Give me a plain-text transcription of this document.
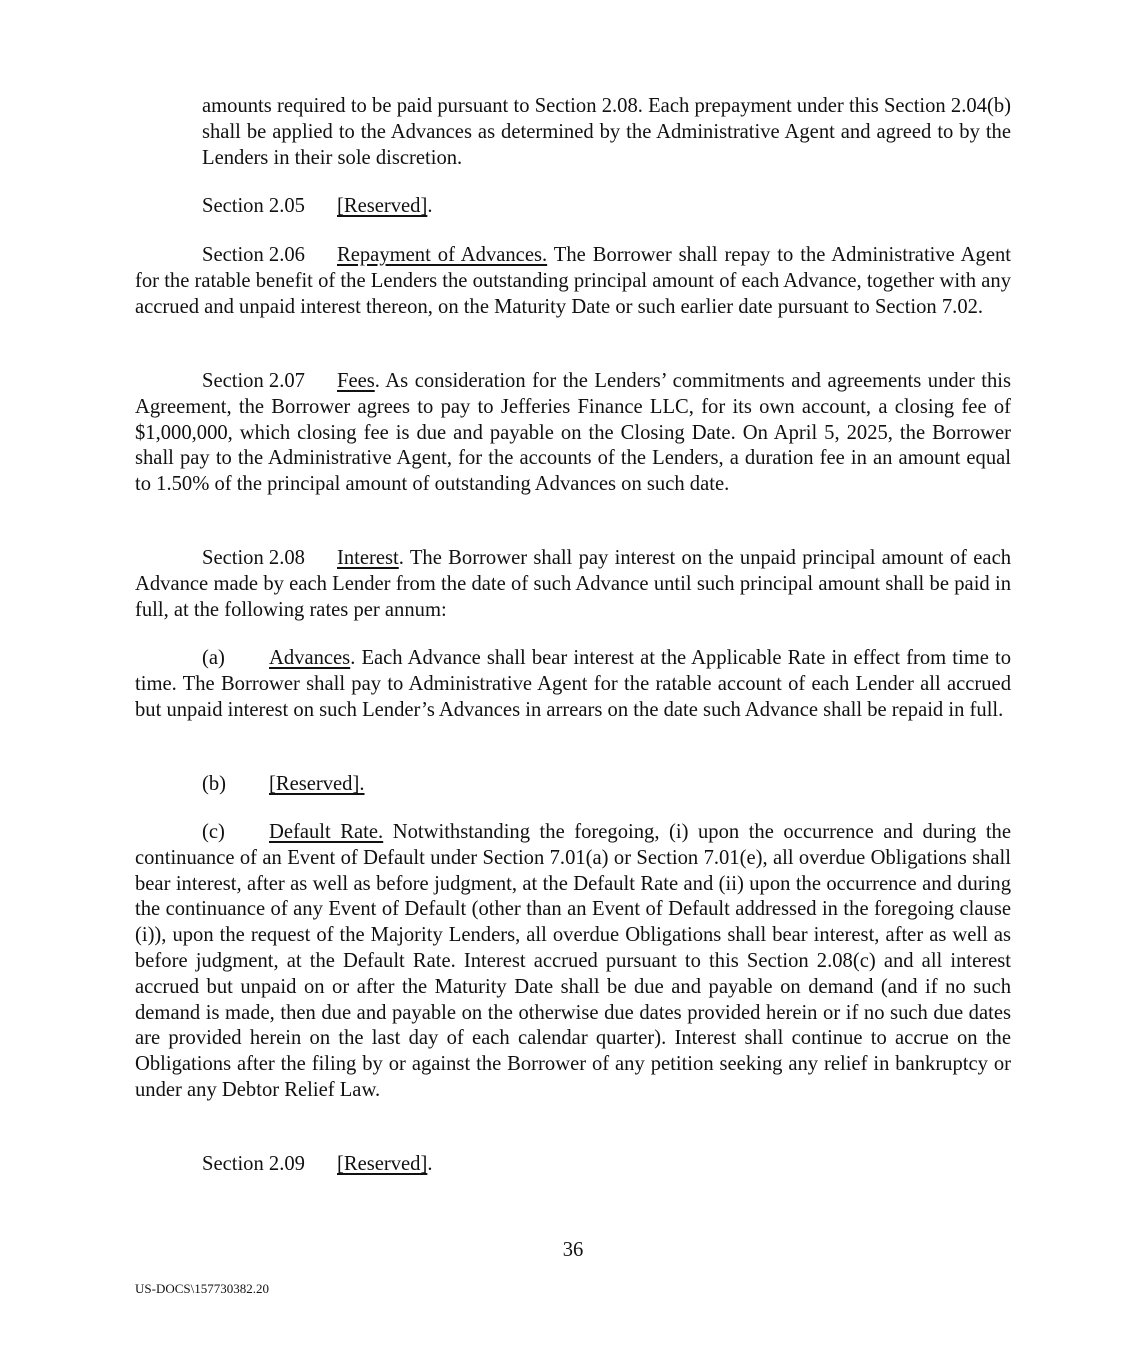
amounts required to be paid pursuant to Section 2.08. Each prepayment under this Section 2.04(b) shall be applied to the Advances as determined by the Administrative Agent and agreed to by the Lenders in their sole discretion.

Section 2.05 [Reserved].

Section 2.06 Repayment of Advances. The Borrower shall repay to the Administrative Agent for the ratable benefit of the Lenders the outstanding principal amount of each Advance, together with any accrued and unpaid interest thereon, on the Maturity Date or such earlier date pursuant to Section 7.02.

Section 2.07 Fees. As consideration for the Lenders’ commitments and agreements under this Agreement, the Borrower agrees to pay to Jefferies Finance LLC, for its own account, a closing fee of $1,000,000, which closing fee is due and payable on the Closing Date. On April 5, 2025, the Borrower shall pay to the Administrative Agent, for the accounts of the Lenders, a duration fee in an amount equal to 1.50% of the principal amount of outstanding Advances on such date.

Section 2.08 Interest. The Borrower shall pay interest on the unpaid principal amount of each Advance made by each Lender from the date of such Advance until such principal amount shall be paid in full, at the following rates per annum:

(a) Advances. Each Advance shall bear interest at the Applicable Rate in effect from time to time. The Borrower shall pay to Administrative Agent for the ratable account of each Lender all accrued but unpaid interest on such Lender’s Advances in arrears on the date such Advance shall be repaid in full.

(b) [Reserved].

(c) Default Rate. Notwithstanding the foregoing, (i) upon the occurrence and during the continuance of an Event of Default under Section 7.01(a) or Section 7.01(e), all overdue Obligations shall bear interest, after as well as before judgment, at the Default Rate and (ii) upon the occurrence and during the continuance of any Event of Default (other than an Event of Default addressed in the foregoing clause (i)), upon the request of the Majority Lenders, all overdue Obligations shall bear interest, after as well as before judgment, at the Default Rate. Interest accrued pursuant to this Section 2.08(c) and all interest accrued but unpaid on or after the Maturity Date shall be due and payable on demand (and if no such demand is made, then due and payable on the otherwise due dates provided herein or if no such due dates are provided herein on the last day of each calendar quarter). Interest shall continue to accrue on the Obligations after the filing by or against the Borrower of any petition seeking any relief in bankruptcy or under any Debtor Relief Law.

Section 2.09 [Reserved].

36
US-DOCS\157730382.20
